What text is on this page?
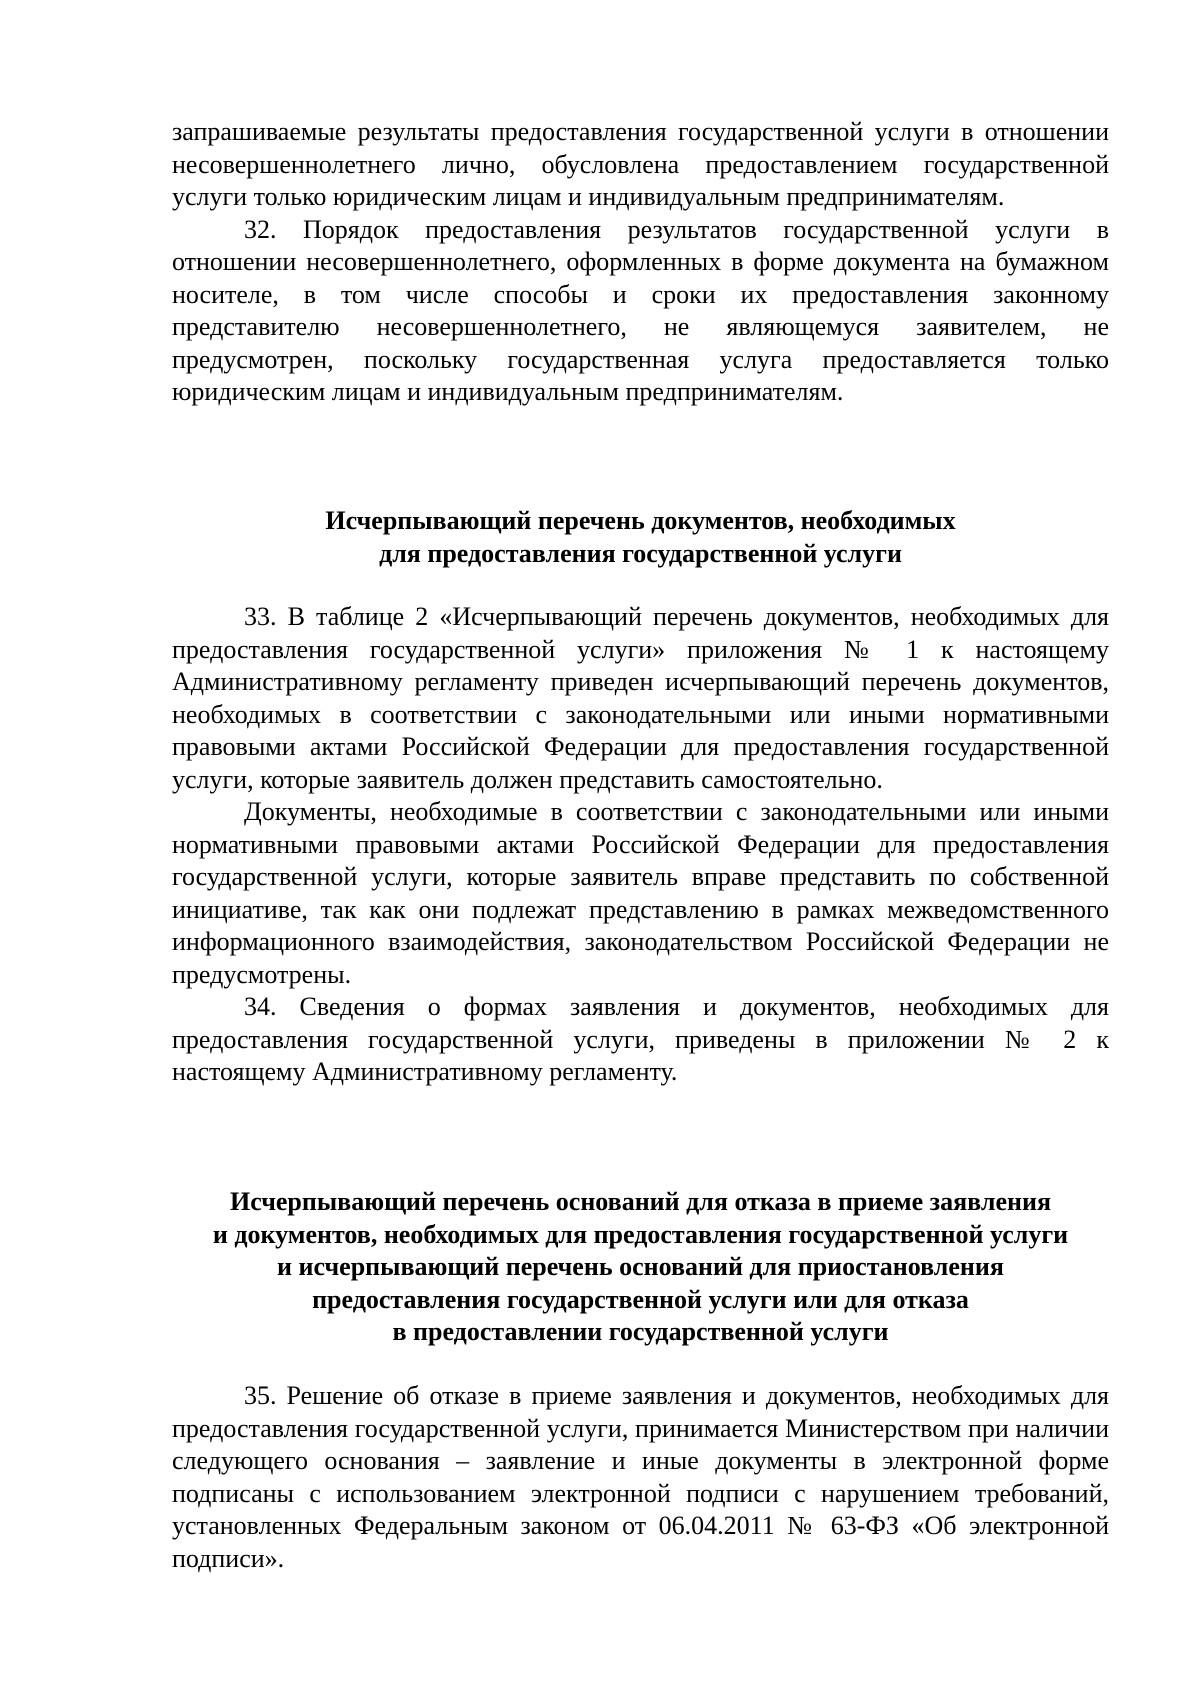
запрашиваемые результаты предоставления государственной услуги в отношении несовершеннолетнего лично, обусловлена предоставлением государственной услуги только юридическим лицам и индивидуальным предпринимателям.

32. Порядок предоставления результатов государственной услуги в отношении несовершеннолетнего, оформленных в форме документа на бумажном носителе, в том числе способы и сроки их предоставления законному представителю несовершеннолетнего, не являющемуся заявителем, не предусмотрен, поскольку государственная услуга предоставляется только юридическим лицам и индивидуальным предпринимателям.

Исчерпывающий перечень документов, необходимых

для предоставления государственной услуги

33. В таблице 2 «Исчерпывающий перечень документов, необходимых для предоставления государственной услуги» приложения № 1 к настоящему Административному регламенту приведен исчерпывающий перечень документов, необходимых в соответствии с законодательными или иными нормативными правовыми актами Российской Федерации для предоставления государственной услуги, которые заявитель должен представить самостоятельно.

Документы, необходимые в соответствии с законодательными или иными нормативными правовыми актами Российской Федерации для предоставления государственной услуги, которые заявитель вправе представить по собственной инициативе, так как они подлежат представлению в рамках межведомственного информационного взаимодействия, законодательством Российской Федерации не предусмотрены.

34. Сведения о формах заявления и документов, необходимых для предоставления государственной услуги, приведены в приложении № 2 к настоящему Административному регламенту.

Исчерпывающий перечень оснований для отказа в приеме заявления

и документов, необходимых для предоставления государственной услуги

и исчерпывающий перечень оснований для приостановления

предоставления государственной услуги или для отказа

в предоставлении государственной услуги

35. Решение об отказе в приеме заявления и документов, необходимых для предоставления государственной услуги, принимается Министерством при наличии следующего основания – заявление и иные документы в электронной форме подписаны с использованием электронной подписи с нарушением требований, установленных Федеральным законом от 06.04.2011 № 63-ФЗ «Об электронной подписи».
